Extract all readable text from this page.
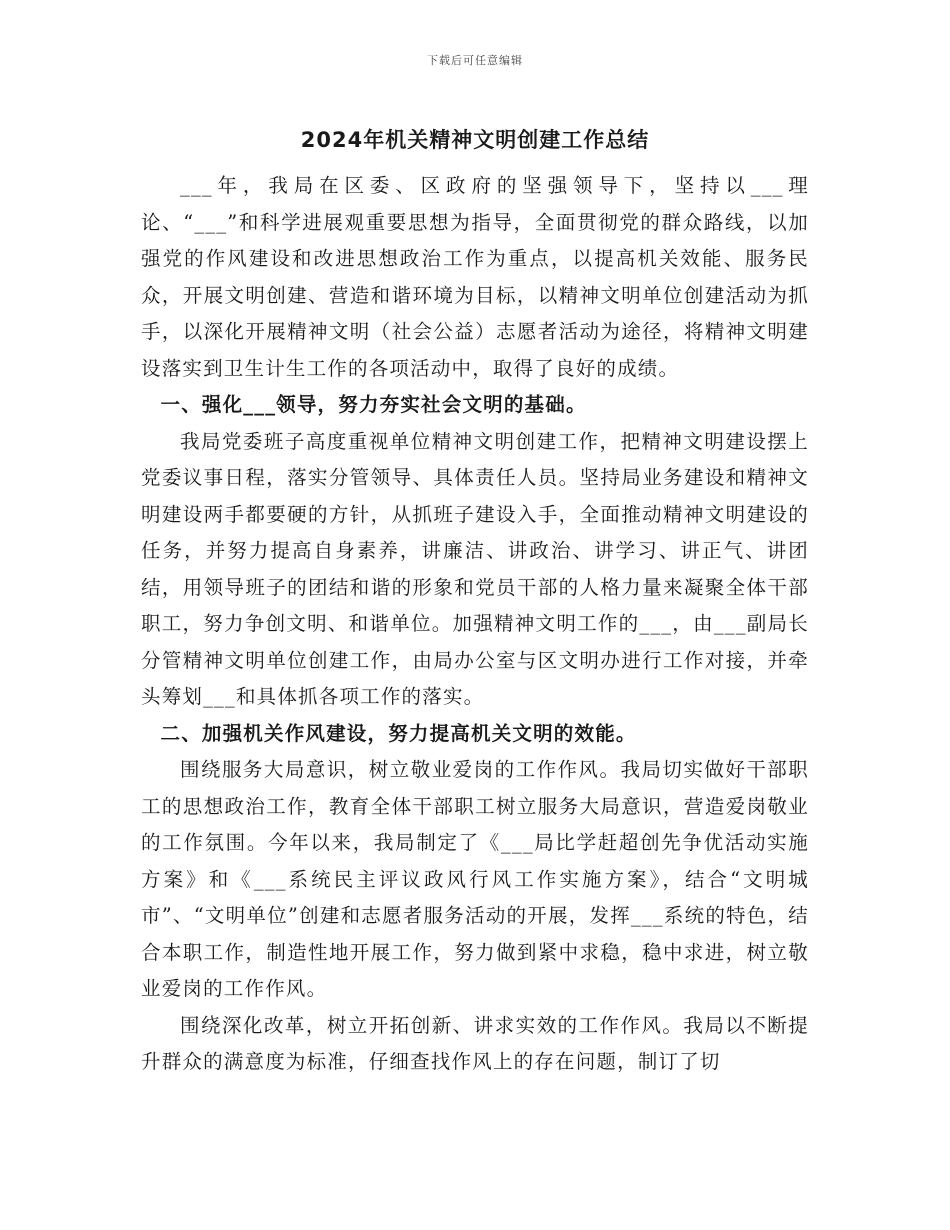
下载后可任意编辑
2024年机关精神文明创建工作总结

___年，我局在区委、区政府的坚强领导下，坚持以___理论、“___”和科学进展观重要思想为指导，全面贯彻党的群众路线，以加强党的作风建设和改进思想政治工作为重点，以提高机关效能、服务民众，开展文明创建、营造和谐环境为目标，以精神文明单位创建活动为抓手，以深化开展精神文明（社会公益）志愿者活动为途径，将精神文明建设落实到卫生计生工作的各项活动中，取得了良好的成绩。

一、强化___领导，努力夯实社会文明的基础。

我局党委班子高度重视单位精神文明创建工作，把精神文明建设摆上党委议事日程，落实分管领导、具体责任人员。坚持局业务建设和精神文明建设两手都要硬的方针，从抓班子建设入手，全面推动精神文明建设的任务，并努力提高自身素养，讲廉洁、讲政治、讲学习、讲正气、讲团结，用领导班子的团结和谐的形象和党员干部的人格力量来凝聚全体干部职工，努力争创文明、和谐单位。加强精神文明工作的___，由___副局长分管精神文明单位创建工作，由局办公室与区文明办进行工作对接，并牵头筹划___和具体抓各项工作的落实。

二、加强机关作风建设，努力提高机关文明的效能。

围绕服务大局意识，树立敬业爱岗的工作作风。我局切实做好干部职工的思想政治工作，教育全体干部职工树立服务大局意识，营造爱岗敬业的工作氛围。今年以来，我局制定了《___局比学赶超创先争优活动实施方案》和《___系统民主评议政风行风工作实施方案》，结合“文明城市”、“文明单位”创建和志愿者服务活动的开展，发挥___系统的特色，结合本职工作，制造性地开展工作，努力做到紧中求稳，稳中求进，树立敬业爱岗的工作作风。

围绕深化改革，树立开拓创新、讲求实效的工作作风。我局以不断提升群众的满意度为标准，仔细查找作风上的存在问题，制订了切
